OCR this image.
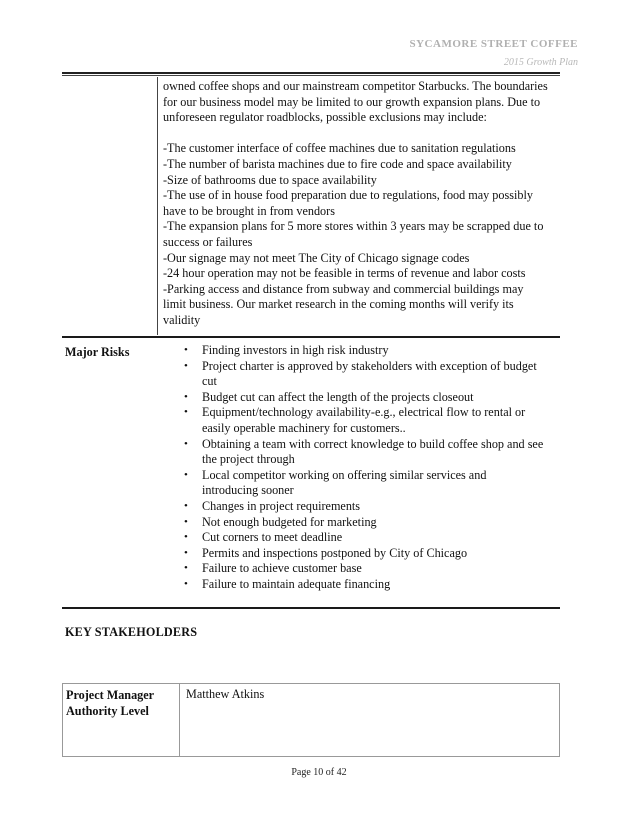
SYCAMORE STREET COFFEE
2015 Growth Plan

owned coffee shops and our mainstream competitor Starbucks. The boundaries

for our business model may be limited to our growth expansion plans. Due to

unforeseen regulator roadblocks, possible exclusions may include:

-The customer interface of coffee machines due to sanitation regulations

-The number of barista machines due to fire code and space availability

-Size of bathrooms due to space availability

-The use of in house food preparation due to regulations, food may possibly

have to be brought in from vendors

-The expansion plans for 5 more stores within 3 years may be scrapped due to

success or failures

-Our signage may not meet The City of Chicago signage codes

-24 hour operation may not be feasible in terms of revenue and labor costs

-Parking access and distance from subway and commercial buildings may

limit business. Our market research in the coming months will verify its

validity

Major Risks	• Finding investors in high risk industry
• Project charter is approved by stakeholders with exception of budget
cut
• Budget cut can affect the length of the projects closeout
• Equipment/technology availability-e.g., electrical flow to rental or
easily operable machinery for customers..
• Obtaining a team with correct knowledge to build coffee shop and see
the project through
• Local competitor working on offering similar services and
introducing sooner
• Changes in project requirements
• Not enough budgeted for marketing
• Cut corners to meet deadline
• Permits and inspections postponed by City of Chicago
• Failure to achieve customer base
• Failure to maintain adequate financing
KEY STAKEHOLDERS
Project Manager
Authority Level
Matthew Atkins
Page 10 of 42
